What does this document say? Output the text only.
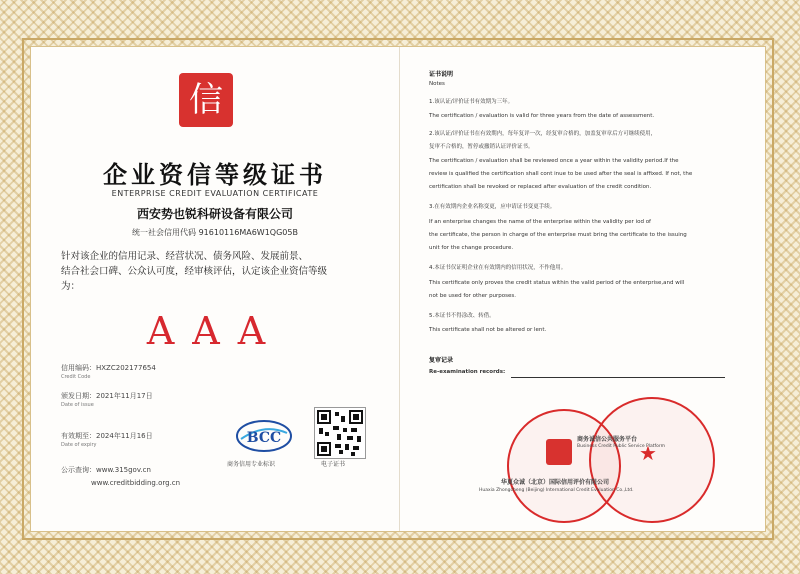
信
企业资信等级证书
ENTERPRISE CREDIT EVALUATION CERTIFICATE
西安势也锐科研设备有限公司
统一社会信用代码 91610116MA6W1QG05B
针对该企业的信用记录、经营状况、债务风险、发展前景、
结合社会口碑、公众认可度，经审核评估，认定该企业资信等级
为：
AAA
信用编码：HXZC202177654
Credit Code
颁发日期：2021年11月17日
Date of issue
有效期至：2024年11月16日
Date of expiry
公示查询：www.315gov.cn
www.creditbidding.org.cn
BCC
商务信用专业标识	电子证书
证书说明
Notes
1.该认证/评价证书有效期为三年。
The certification / evaluation is valid for three years from the date of assessment.
2.该认证/评价证书在有效期内，每年复评一次，经复审合格的，加盖复审章后方可继续使用，
复审不合格的，暂停或撤销认证评价证书。
The certification / evaluation shall be reviewed once a year within the validity period.If the
review is qualified the certification shall cont inue to be used after the seal is affixed. If not, the
certification shall be revoked or replaced after evaluation of the credit condition.
3.在有效期内企业名称变更，应申请证书变更手续。
If an enterprise changes the name of the enterprise within the validity per iod of
the certificate, the person in charge of the enterprise must bring the certificate to the issuing
unit for the change procedure.
4.本证书仅证明企业在有效期内的信用状况，不作他用。
This certificate only proves the credit status within the valid period of the enterprise,and will
not be used for other purposes.
5.本证书不得涂改、转借。
This certificate shall not be altered or lent.
复审记录
Re-examination records:
★
商务诚信公共服务平台
Business Credit Public Service Platform
华夏众诚（北京）国际信用评价有限公司
Huaxia Zhongcheng (Beijing) International Credit Evaluation Co.,Ltd.
